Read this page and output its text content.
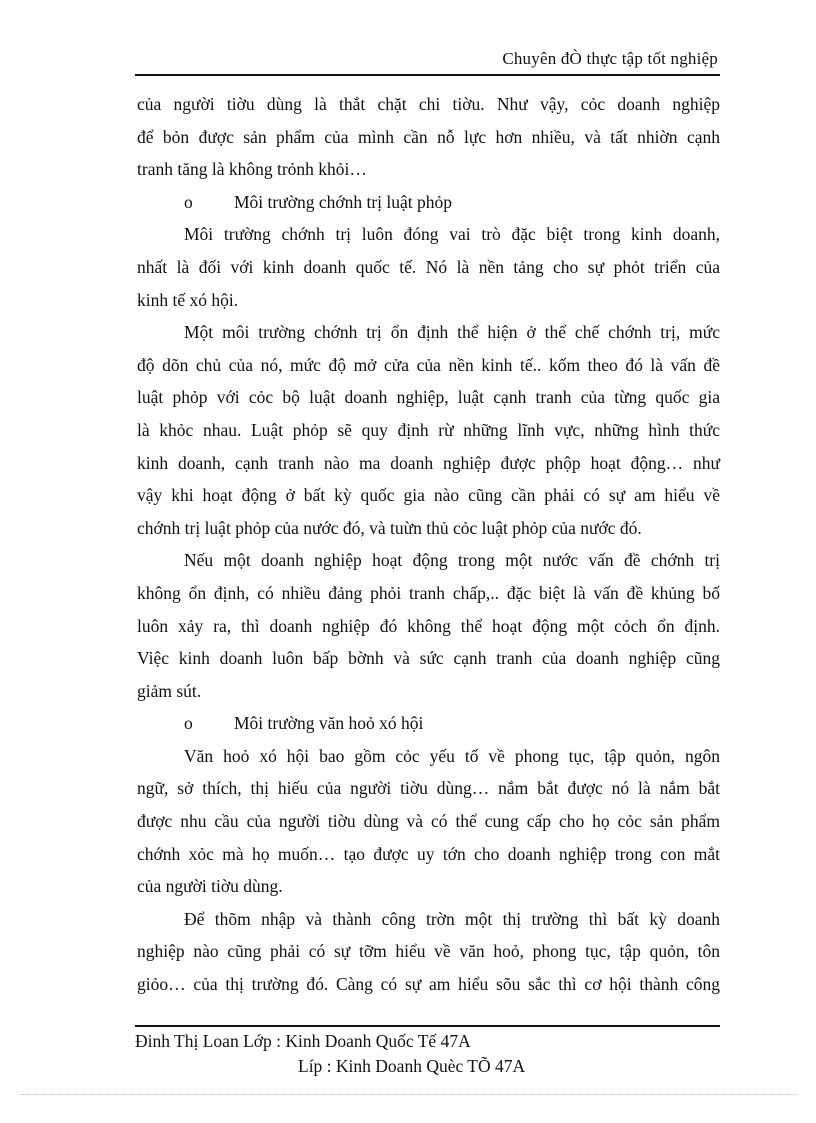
Chuyên đÒ thực tập tốt nghiệp
của người tiờu dùng là thắt chặt chi tiờu. Như vậy, cỏc doanh nghiệp
để bỏn được sản phẩm của mình cần nỗ lực hơn nhiều, và tất nhiờn cạnh
tranh tăng là không trỏnh khỏi…
o Môi trường chớnh trị luật phỏp
Môi trường chớnh trị luôn đóng vai trò đặc biệt trong kinh doanh,
nhất là đối với kinh doanh quốc tế. Nó là nền tảng cho sự phỏt triển của
kinh tế xó hội.
Một môi trường chớnh trị ổn định thể hiện ở thể chế chớnh trị, mức
độ dõn chủ của nó, mức độ mở cửa của nền kinh tế.. kốm theo đó là vấn đề
luật phỏp với cỏc bộ luật doanh nghiệp, luật cạnh tranh của từng quốc gia
là khỏc nhau. Luật phỏp sẽ quy định rừ những lĩnh vực, những hình thức
kinh doanh, cạnh tranh nào ma doanh nghiệp được phộp hoạt động… như
vậy khi hoạt động ở bất kỳ quốc gia nào cũng cần phải có sự am hiểu về
chớnh trị luật phỏp của nước đó, và tuừn thủ cỏc luật phỏp của nước đó.
Nếu một doanh nghiệp hoạt động trong một nước vấn đề chớnh trị
không ổn định, có nhiều đảng phỏi tranh chấp,.. đặc biệt là vấn đề khủng bố
luôn xảy ra, thì doanh nghiệp đó không thể hoạt động một cỏch ổn định.
Việc kinh doanh luôn bấp bờnh và sức cạnh tranh của doanh nghiệp cũng
giảm sút.
o Môi trường văn hoỏ xó hội
Văn hoỏ xó hội bao gồm cỏc yếu tố về phong tục, tập quỏn, ngôn
ngữ, sở thích, thị hiếu của người tiờu dùng… nắm bắt được nó là nắm bắt
được nhu cầu của người tiờu dùng và có thể cung cấp cho họ cỏc sản phẩm
chớnh xỏc mà họ muốn… tạo được uy tớn cho doanh nghiệp trong con mắt
của người tiờu dùng.
Để thõm nhập và thành công trờn một thị trường thì bất kỳ doanh
nghiệp nào cũng phải có sự tỡm hiểu về văn hoỏ, phong tục, tập quỏn, tôn
giỏo… của thị trường đó. Càng có sự am hiểu sõu sắc thì cơ hội thành công
Đinh Thị Loan Lớp : Kinh Doanh Quốc Tế 47A
Líp : Kinh Doanh Quèc TÕ 47A
